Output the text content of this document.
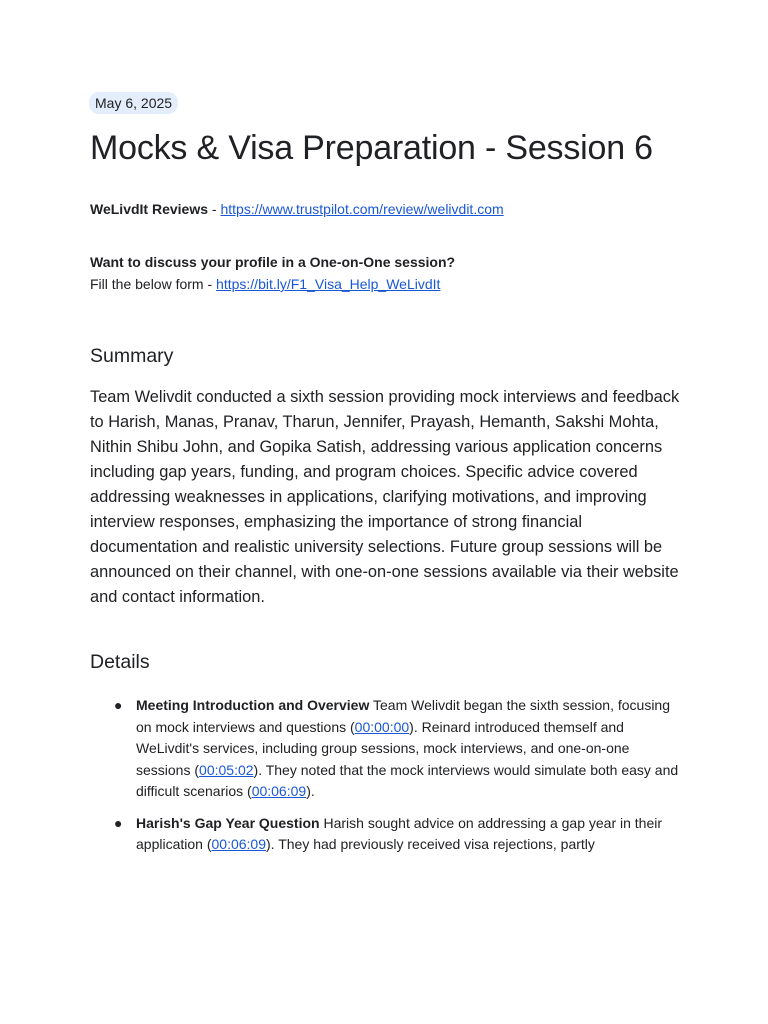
May 6, 2025
Mocks & Visa Preparation - Session 6
WeLivdIt Reviews - https://www.trustpilot.com/review/welivdit.com
Want to discuss your profile in a One-on-One session?
Fill the below form - https://bit.ly/F1_Visa_Help_WeLivdIt
Summary
Team Welivdit conducted a sixth session providing mock interviews and feedback to Harish, Manas, Pranav, Tharun, Jennifer, Prayash, Hemanth, Sakshi Mohta, Nithin Shibu John, and Gopika Satish, addressing various application concerns including gap years, funding, and program choices. Specific advice covered addressing weaknesses in applications, clarifying motivations, and improving interview responses, emphasizing the importance of strong financial documentation and realistic university selections. Future group sessions will be announced on their channel, with one-on-one sessions available via their website and contact information.
Details
● Meeting Introduction and Overview Team Welivdit began the sixth session, focusing on mock interviews and questions (00:00:00). Reinard introduced themself and WeLivdit's services, including group sessions, mock interviews, and one-on-one sessions (00:05:02). They noted that the mock interviews would simulate both easy and difficult scenarios (00:06:09).
● Harish's Gap Year Question Harish sought advice on addressing a gap year in their application (00:06:09). They had previously received visa rejections, partly
